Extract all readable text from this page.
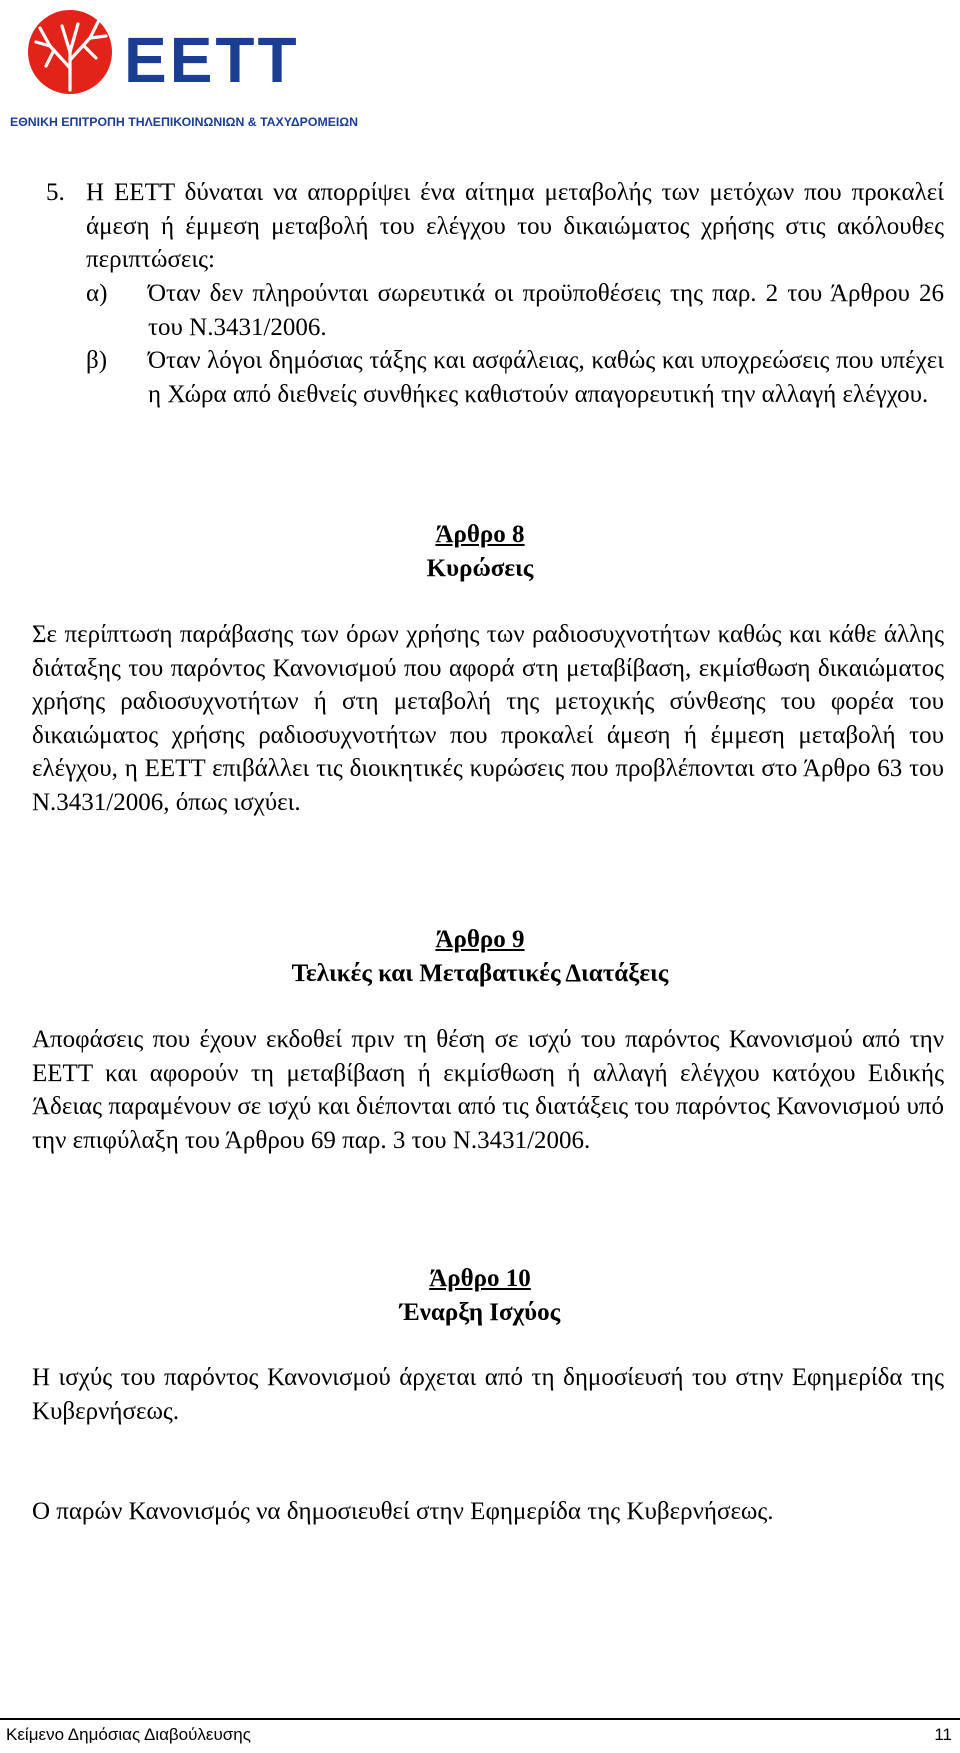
ΕΕΤΤ
ΕΘΝΙΚΗ ΕΠΙΤΡΟΠΗ ΤΗΛΕΠΙΚΟΙΝΩΝΙΩΝ & ΤΑΧΥΔΡΟΜΕΙΩΝ
5. Η ΕΕΤΤ δύναται να απορρίψει ένα αίτημα μεταβολής των μετόχων που προκαλεί άμεση ή έμμεση μεταβολή του ελέγχου του δικαιώματος χρήσης στις ακόλουθες περιπτώσεις:
α) Όταν δεν πληρούνται σωρευτικά οι προϋποθέσεις της παρ. 2 του Άρθρου 26 του Ν.3431/2006.
β) Όταν λόγοι δημόσιας τάξης και ασφάλειας, καθώς και υποχρεώσεις που υπέχει η Χώρα από διεθνείς συνθήκες καθιστούν απαγορευτική την αλλαγή ελέγχου.
Άρθρο 8
Κυρώσεις
Σε περίπτωση παράβασης των όρων χρήσης των ραδιοσυχνοτήτων καθώς και κάθε άλλης διάταξης του παρόντος Κανονισμού που αφορά στη μεταβίβαση, εκμίσθωση δικαιώματος χρήσης ραδιοσυχνοτήτων ή στη μεταβολή της μετοχικής σύνθεσης του φορέα του δικαιώματος χρήσης ραδιοσυχνοτήτων που προκαλεί άμεση ή έμμεση μεταβολή του ελέγχου, η ΕΕΤΤ επιβάλλει τις διοικητικές κυρώσεις που προβλέπονται στο Άρθρο 63 του Ν.3431/2006, όπως ισχύει.
Άρθρο 9
Τελικές και Μεταβατικές Διατάξεις
Αποφάσεις που έχουν εκδοθεί πριν τη θέση σε ισχύ του παρόντος Κανονισμού από την ΕΕΤΤ και αφορούν τη μεταβίβαση ή εκμίσθωση ή αλλαγή ελέγχου κατόχου Ειδικής Άδειας παραμένουν σε ισχύ και διέπονται από τις διατάξεις του παρόντος Κανονισμού υπό την επιφύλαξη του Άρθρου 69 παρ. 3 του Ν.3431/2006.
Άρθρο 10
Έναρξη Ισχύος
Η ισχύς του παρόντος Κανονισμού άρχεται από τη δημοσίευσή του στην Εφημερίδα της Κυβερνήσεως.
Ο παρών Κανονισμός να δημοσιευθεί στην Εφημερίδα της Κυβερνήσεως.
Κείμενο Δημόσιας Διαβούλευσης	11
